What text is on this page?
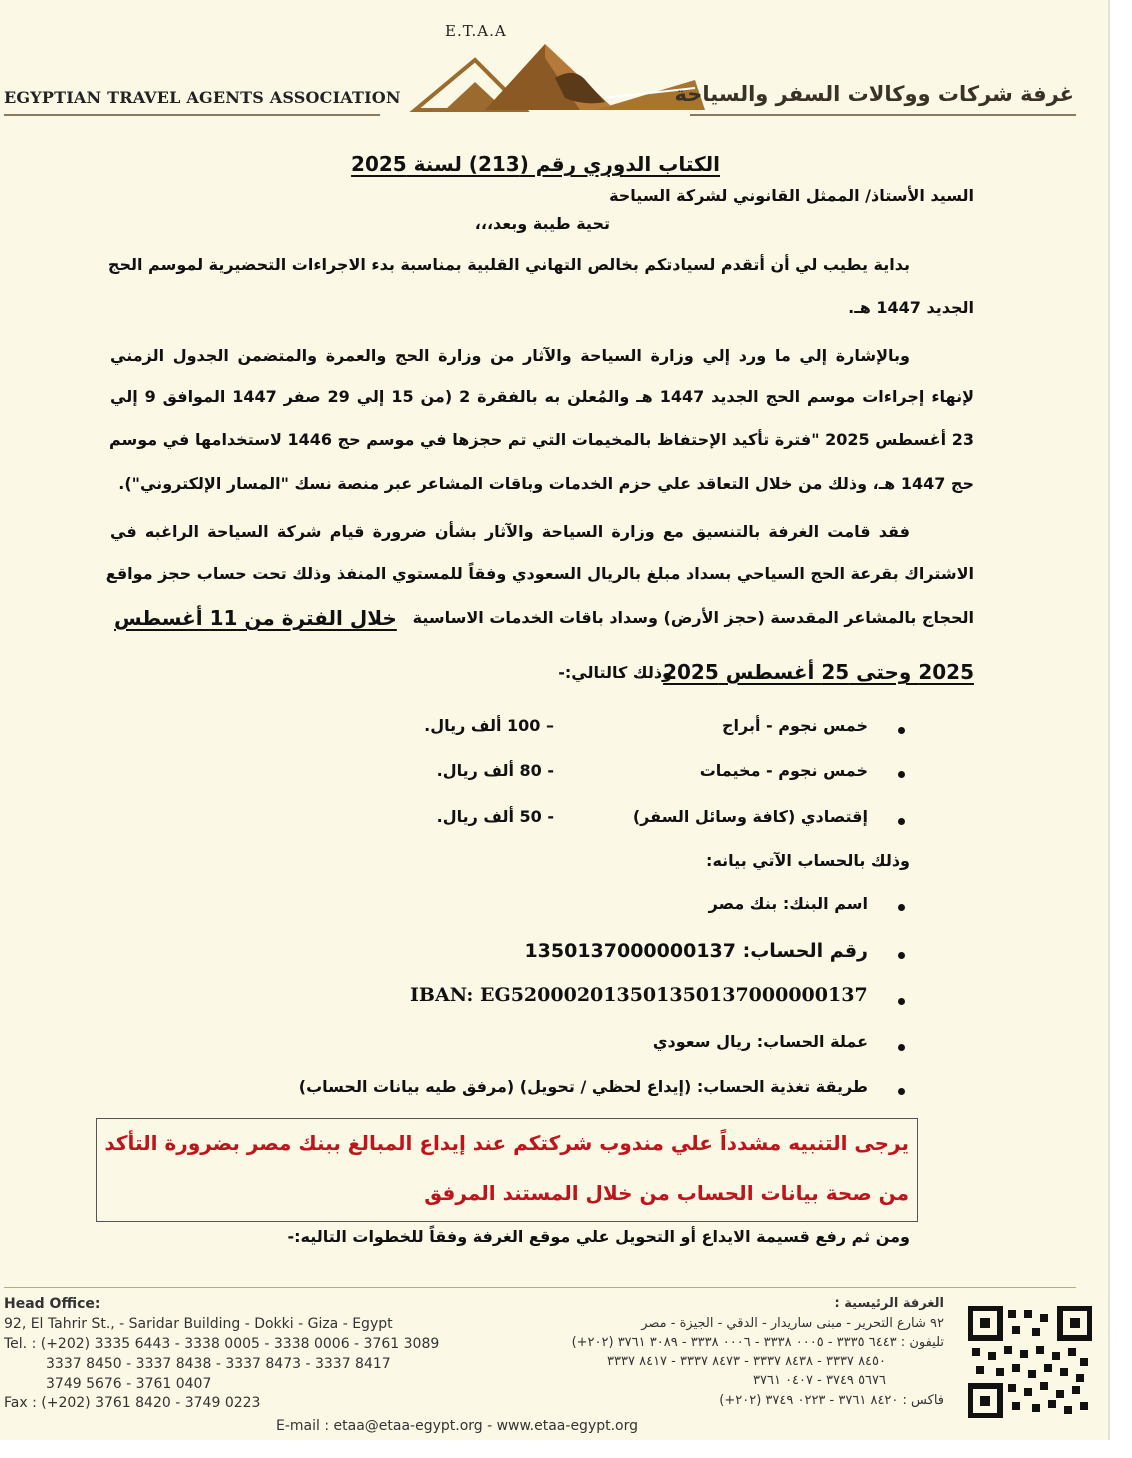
EGYPTIAN TRAVEL AGENTS ASSOCIATION
E.T.A.A
غرفة شركات ووكالات السفر والسياحة
الكتاب الدوري رقم (213) لسنة 2025
السيد الأستاذ/ الممثل القانوني لشركة السياحة
تحية طيبة وبعد،،،
بداية يطيب لي أن أتقدم لسيادتكم بخالص التهاني القلبية بمناسبة بدء الاجراءات التحضيرية لموسم الحج
الجديد 1447 هـ.
وبالإشارة إلي ما ورد إلي وزارة السياحة والآثار من وزارة الحج والعمرة والمتضمن الجدول الزمني
لإنهاء إجراءات موسم الحج الجديد 1447 هـ والمُعلن به بالفقرة 2 (من 15 إلي 29 صفر 1447 الموافق 9 إلي
23 أغسطس 2025 "فترة تأكيد الإحتفاظ بالمخيمات التي تم حجزها في موسم حج 1446 لاستخدامها في موسم
حج 1447 هـ، وذلك من خلال التعاقد علي حزم الخدمات وباقات المشاعر عبر منصة نسك "المسار الإلكتروني").
فقد قامت الغرفة بالتنسيق مع وزارة السياحة والآثار بشأن ضرورة قيام شركة السياحة الراغبه في
الاشتراك بقرعة الحج السياحي بسداد مبلغ بالريال السعودي وفقاً للمستوي المنفذ وذلك تحت حساب حجز مواقع
الحجاج بالمشاعر المقدسة (حجز الأرض) وسداد باقات الخدمات الاساسية
خلال الفترة من 11 أغسطس
2025 وحتى 25 أغسطس 2025
وذلك كالتالي:-
خمس نجوم - أبراج
– 100 ألف ريال.
خمس نجوم - مخيمات
- 80 ألف ريال.
إقتصادي (كافة وسائل السفر)
- 50 ألف ريال.
وذلك بالحساب الآتي بيانه:
اسم البنك: بنك مصر
رقم الحساب: 1350137000000137
IBAN: EG520002013501350137000000137
عملة الحساب: ريال سعودي
طريقة تغذية الحساب: (إيداع لحظي / تحويل) (مرفق طيه بيانات الحساب)
يرجى التنبيه مشدداً علي مندوب شركتكم عند إيداع المبالغ ببنك مصر بضرورة التأكد
من صحة بيانات الحساب من خلال المستند المرفق
ومن ثم رفع قسيمة الايداع أو التحويل علي موقع الغرفة وفقاً للخطوات التاليه:-
Head Office:
92, El Tahrir St., - Saridar Building - Dokki - Giza - Egypt
Tel. : (+202) 3335 6443 - 3338 0005 - 3338 0006 - 3761 3089
3337 8450 - 3337 8438 - 3337 8473 - 3337 8417
3749 5676 - 3761 0407
Fax : (+202) 3761 8420 - 3749 0223
الغرفة الرئيسية :
٩٢ شارع التحرير - مبنى ساريدار - الدقي - الجيزة - مصر
تليفون : ٦٤٤٣ ٣٣٣٥ - ٠٠٠٥ ٣٣٣٨ - ٠٠٠٦ ٣٣٣٨ - ٣٠٨٩ ٣٧٦١ (٢٠٢+)
٨٤٥٠ ٣٣٣٧ - ٨٤٣٨ ٣٣٣٧ - ٨٤٧٣ ٣٣٣٧ - ٨٤١٧ ٣٣٣٧
٥٦٧٦ ٣٧٤٩ - ٠٤٠٧ ٣٧٦١
فاكس : ٨٤٢٠ ٣٧٦١ - ٠٢٢٣ ٣٧٤٩ (٢٠٢+)
E-mail : etaa@etaa-egypt.org - www.etaa-egypt.org
